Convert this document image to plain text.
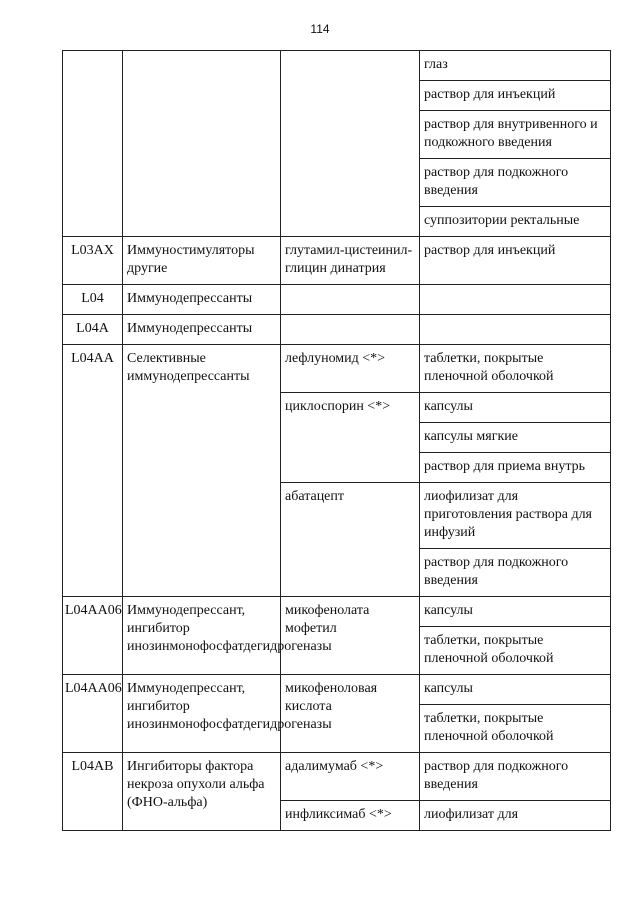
114
			глаз
			раствор для инъекций
			раствор для внутривенного и подкожного введения
			раствор для подкожного введения
			суппозитории ректальные
L03AX	Иммуностимуляторы другие	глутамил-цистеинил-глицин динатрия	раствор для инъекций
L04	Иммунодепрессанты		
L04A	Иммунодепрессанты		
L04AA	Селективные иммунодепрессанты	лефлуномид <*>	таблетки, покрытые пленочной оболочкой
		циклоспорин <*>	капсулы
			капсулы мягкие
			раствор для приема внутрь
		абатацепт	лиофилизат для приготовления раствора для инфузий
			раствор для подкожного введения
L04AA06	Иммунодепрессант, ингибитор инозинмонофосфатдегидрогеназы	микофенолата мофетил	капсулы
			таблетки, покрытые пленочной оболочкой
L04AA06	Иммунодепрессант, ингибитор инозинмонофосфатдегидрогеназы	микофеноловая кислота	капсулы
			таблетки, покрытые пленочной оболочкой
L04AB	Ингибиторы фактора некроза опухоли альфа (ФНО-альфа)	адалимумаб <*>	раствор для подкожного введения
		инфликсимаб <*>	лиофилизат для
